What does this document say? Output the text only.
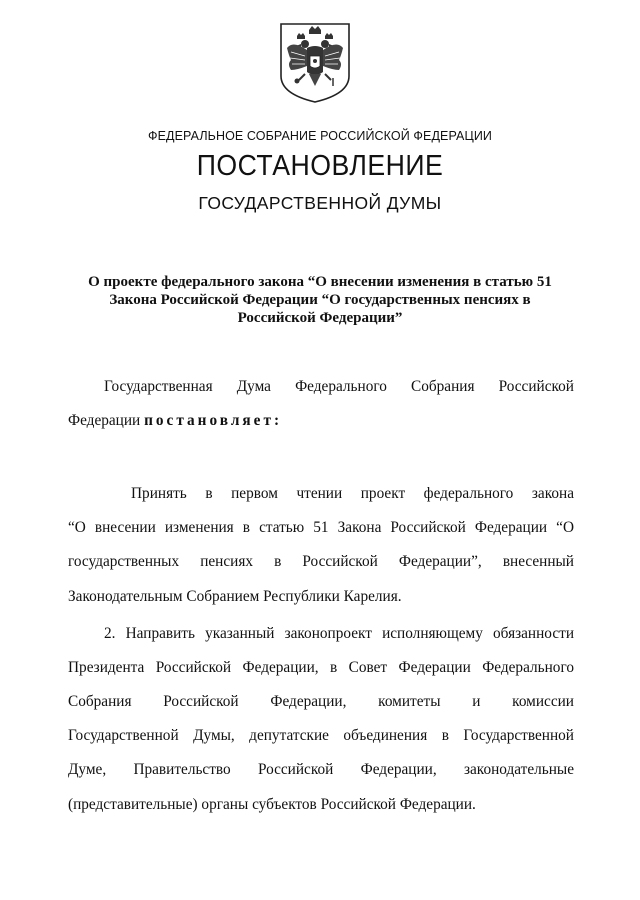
ФЕДЕРАЛЬНОЕ СОБРАНИЕ РОССИЙСКОЙ ФЕДЕРАЦИИ
ПОСТАНОВЛЕНИЕ
ГОСУДАРСТВЕННОЙ ДУМЫ
О проекте федерального закона “О внесении изменения в статью 51
Закона Российской Федерации “О государственных пенсиях в
Российской Федерации”
Государственная Дума Федерального Собрания Российской
Федерации постановляет:
Принять в первом чтении проект федерального закона
“О внесении изменения в статью 51 Закона Российской Федерации “О
государственных пенсиях в Российской Федерации”, внесенный
Законодательным Собранием Республики Карелия.
2. Направить указанный законопроект исполняющему обязанности
Президента Российской Федерации, в Совет Федерации Федерального
Собрания Российской Федерации, комитеты и комиссии
Государственной Думы, депутатские объединения в Государственной
Думе, Правительство Российской Федерации, законодательные
(представительные) органы субъектов Российской Федерации.
